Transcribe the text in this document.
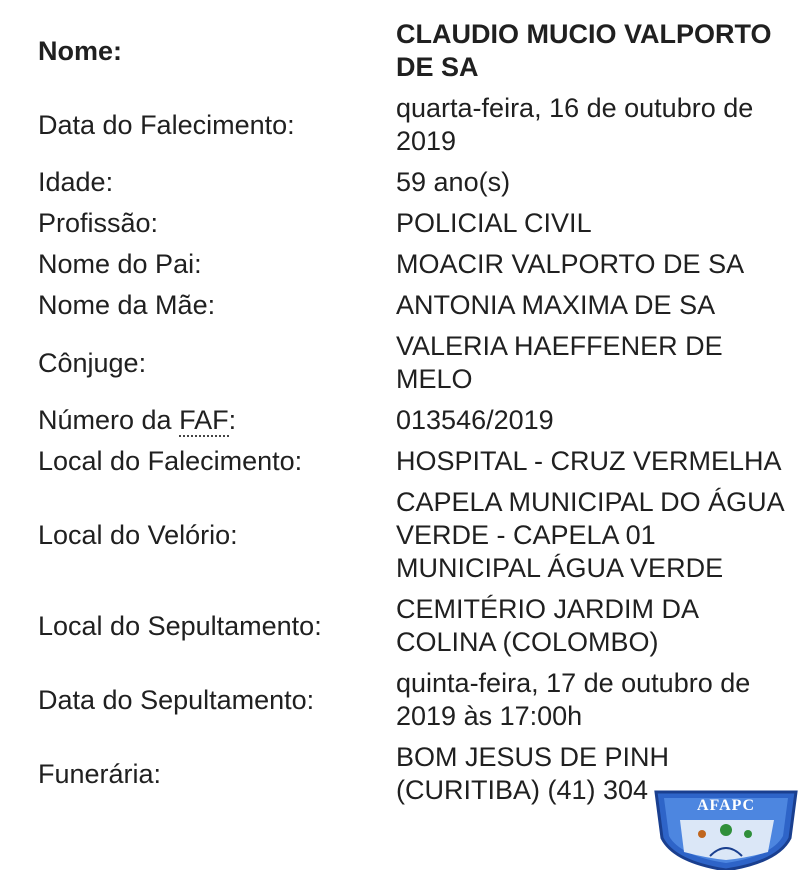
Nome:	CLAUDIO MUCIO VALPORTO DE SA
Data do Falecimento:	quarta-feira, 16 de outubro de 2019
Idade:	59 ano(s)
Profissão:	POLICIAL CIVIL
Nome do Pai:	MOACIR VALPORTO DE SA
Nome da Mãe:	ANTONIA MAXIMA DE SA
Cônjuge:	VALERIA HAEFFENER DE MELO
Número da FAF:	013546/2019
Local do Falecimento:	HOSPITAL - CRUZ VERMELHA
Local do Velório:	CAPELA MUNICIPAL DO ÁGUA VERDE - CAPELA 01 MUNICIPAL ÁGUA VERDE
Local do Sepultamento:	CEMITÉRIO JARDIM DA COLINA (COLOMBO)
Data do Sepultamento:	quinta-feira, 17 de outubro de 2019 às 17:00h
Funerária:	BOM JESUS DE PINH (CURITIBA) (41) 304
AFAPC
